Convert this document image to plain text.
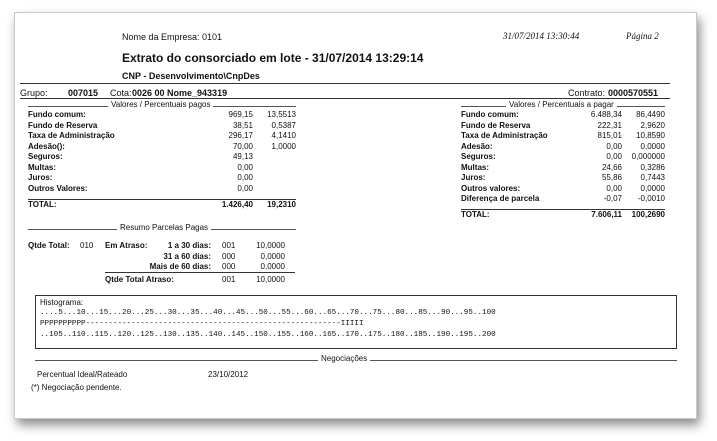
Nome da Empresa: 0101	31/07/2014 13:30:44	Página 2
Extrato do consorciado em lote - 31/07/2014 13:29:14
CNP - Desenvolvimento\CnpDes
Grupo: 007015 Cota: 0026 00 Nome_943319	Contrato: 0000570551
Valores / Percentuais pagos
Fundo comum:	969,15 13,5513
Fundo de Reserva	38,51 0,5387
Taxa de Administração	296,17 4,1410
Adesão():	70,00 1,0000
Seguros:	49,13
Multas:	0,00
Juros:	0,00
Outros Valores:	0,00
TOTAL:	1.426,40 19,2310
Valores / Percentuais a pagar
Fundo comum:	6.488,34 86,4490
Fundo de Reserva	222,31 2,9620
Taxa de Administração	815,01 10,8590
Adesão:	0,00 0,0000
Seguros:	0,00 0,000000
Multas:	24,66 0,3286
Juros:	55,86 0,7443
Outros valores:	0,00 0,0000
Diferença de parcela	-0,07 -0,0010
TOTAL:	7.606,11 100,2690
Resumo Parcelas Pagas
Qtde Total: 010 Em Atraso:	1 a 30 dias: 001	10,0000
31 a 60 dias: 000	0,0000
Mais de 60 dias: 000	0,0000
Qtde Total Atraso:	001	10,0000
Histograma:
....5...10...15...20...25...30...35...40...45...50...55...60...65...70...75...80...85...90...95..100
PPPPPPPPPP--------------------------------------------------------IIIII
..105..110..115..120..125..130..135..140..145..150..155..160..165..170..175..180..185..190..195..200
Negociações
Percentual Ideal/Rateado	23/10/2012
(*) Negociação pendente.
